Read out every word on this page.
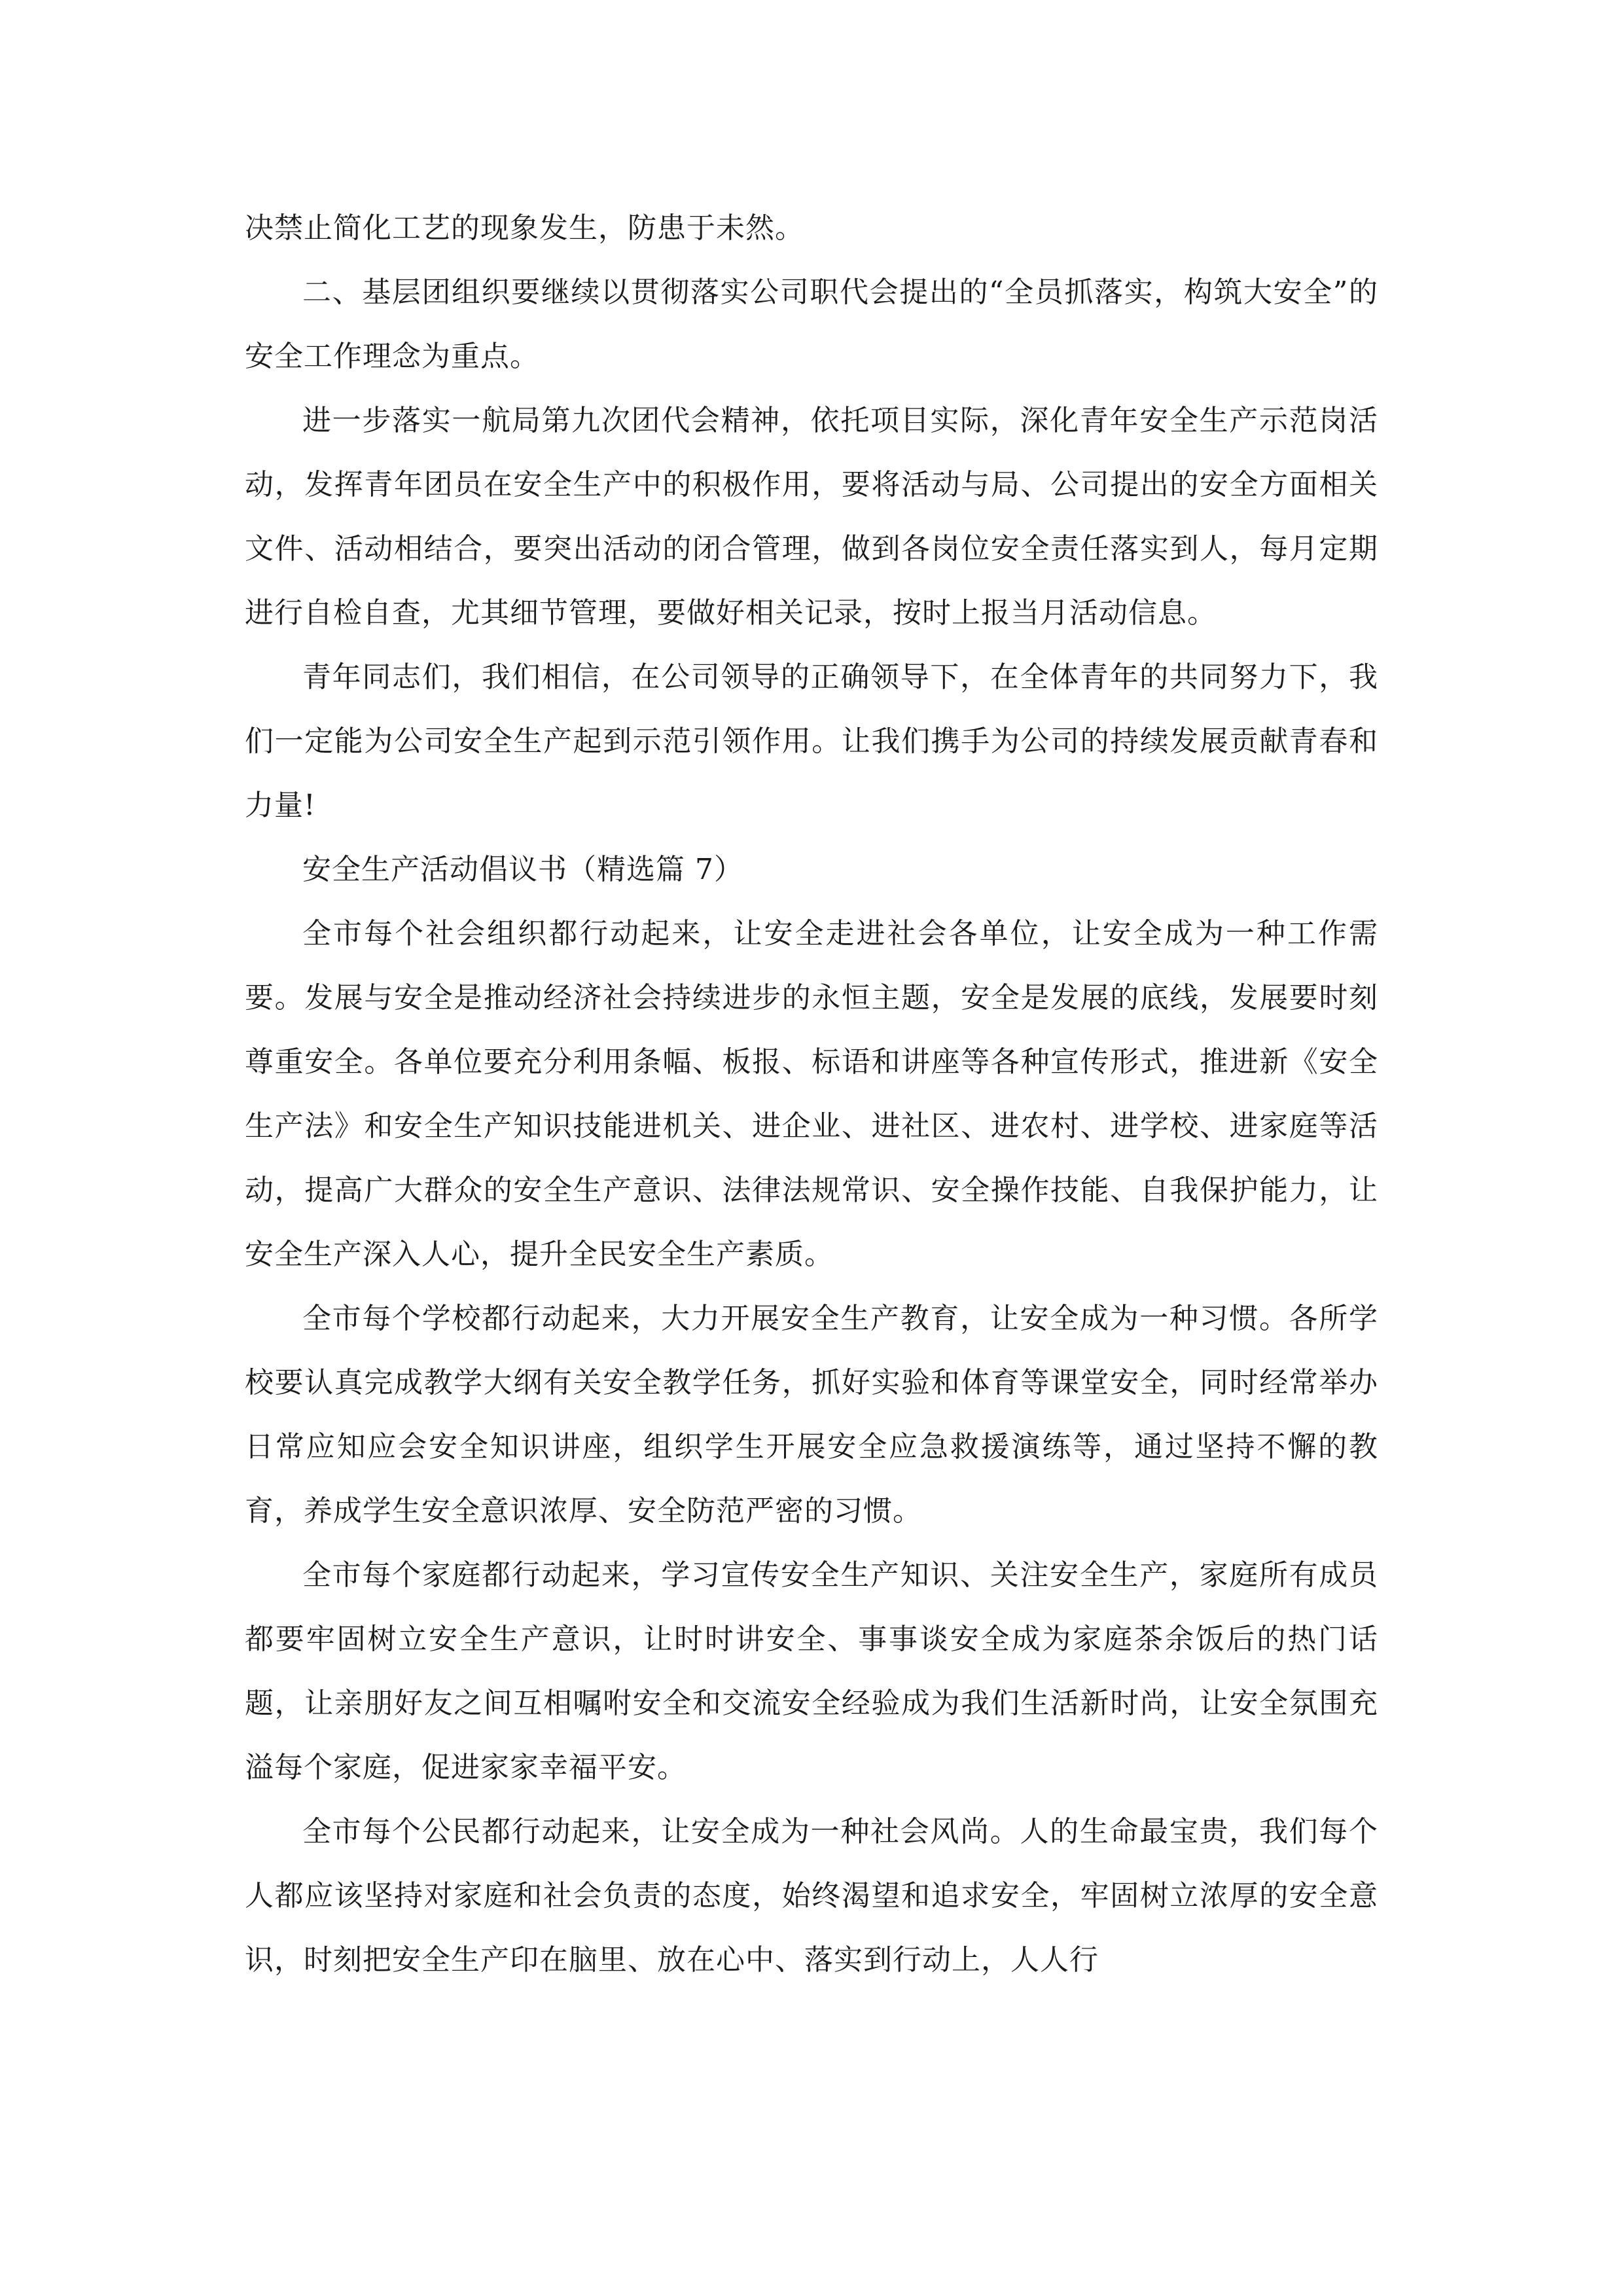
决禁止简化工艺的现象发生，防患于未然。

二、基层团组织要继续以贯彻落实公司职代会提出的“全员抓落实，构筑大安全”的安全工作理念为重点。

进一步落实一航局第九次团代会精神，依托项目实际，深化青年安全生产示范岗活动，发挥青年团员在安全生产中的积极作用，要将活动与局、公司提出的安全方面相关文件、活动相结合，要突出活动的闭合管理，做到各岗位安全责任落实到人，每月定期进行自检自查，尤其细节管理，要做好相关记录，按时上报当月活动信息。

青年同志们，我们相信，在公司领导的正确领导下，在全体青年的共同努力下，我们一定能为公司安全生产起到示范引领作用。让我们携手为公司的持续发展贡献青春和力量!

安全生产活动倡议书（精选篇 7）

全市每个社会组织都行动起来，让安全走进社会各单位，让安全成为一种工作需要。发展与安全是推动经济社会持续进步的永恒主题，安全是发展的底线，发展要时刻尊重安全。各单位要充分利用条幅、板报、标语和讲座等各种宣传形式，推进新《安全生产法》和安全生产知识技能进机关、进企业、进社区、进农村、进学校、进家庭等活动，提高广大群众的安全生产意识、法律法规常识、安全操作技能、自我保护能力，让安全生产深入人心，提升全民安全生产素质。

全市每个学校都行动起来，大力开展安全生产教育，让安全成为一种习惯。各所学校要认真完成教学大纲有关安全教学任务，抓好实验和体育等课堂安全，同时经常举办日常应知应会安全知识讲座，组织学生开展安全应急救援演练等，通过坚持不懈的教育，养成学生安全意识浓厚、安全防范严密的习惯。

全市每个家庭都行动起来，学习宣传安全生产知识、关注安全生产，家庭所有成员都要牢固树立安全生产意识，让时时讲安全、事事谈安全成为家庭茶余饭后的热门话题，让亲朋好友之间互相嘱咐安全和交流安全经验成为我们生活新时尚，让安全氛围充溢每个家庭，促进家家幸福平安。

全市每个公民都行动起来，让安全成为一种社会风尚。人的生命最宝贵，我们每个人都应该坚持对家庭和社会负责的态度，始终渴望和追求安全，牢固树立浓厚的安全意识，时刻把安全生产印在脑里、放在心中、落实到行动上，人人行
